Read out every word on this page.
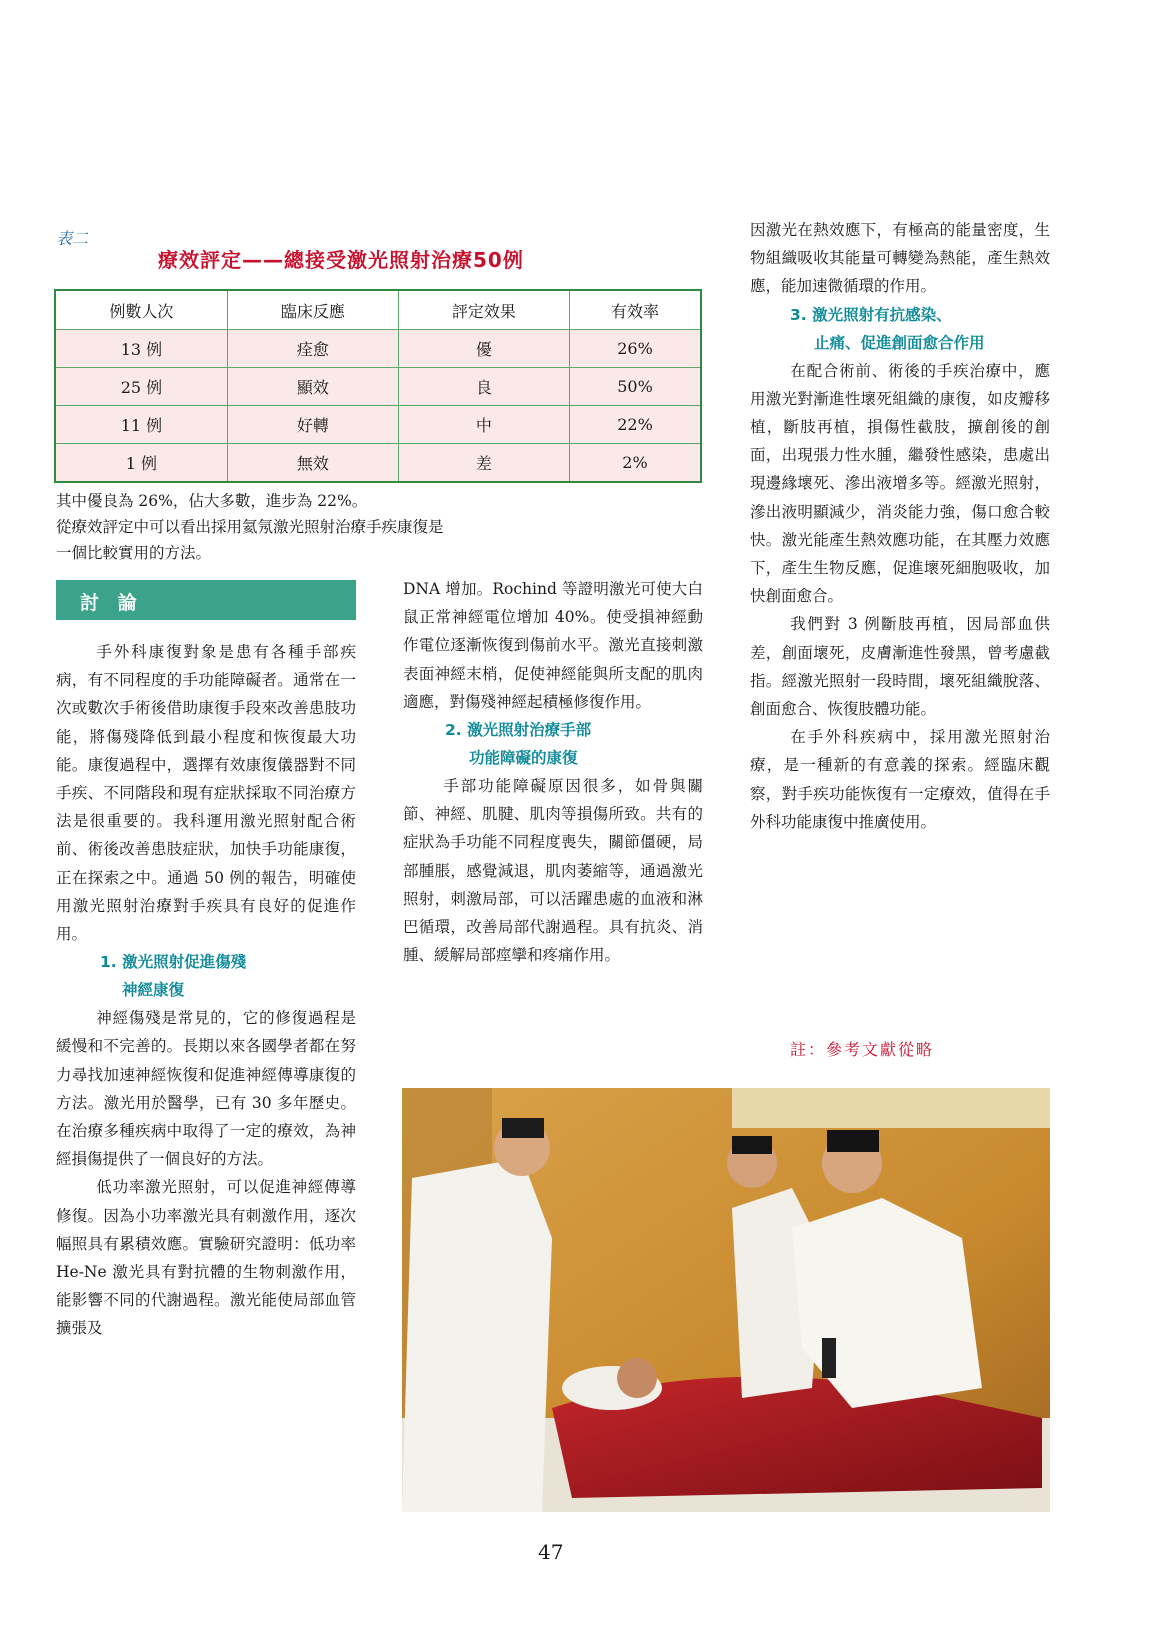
表二
療效評定——總接受激光照射治療50例
例數人次	臨床反應	評定效果	有效率
13 例	痊愈	優	26%
25 例	顯效	良	50%
11 例	好轉	中	22%
1 例	無效	差	2%
其中優良為 26%，佔大多數，進步為 22%。
從療效評定中可以看出採用氦氖激光照射治療手疾康復是
一個比較實用的方法。
討 論

手外科康復對象是患有各種手部疾病，有不同程度的手功能障礙者。通常在一次或數次手術後借助康復手段來改善患肢功能，將傷殘降低到最小程度和恢復最大功能。康復過程中，選擇有效康復儀器對不同手疾、不同階段和現有症狀採取不同治療方法是很重要的。我科運用激光照射配合術前、術後改善患肢症狀，加快手功能康復，正在探索之中。通過 50 例的報告，明確使用激光照射治療對手疾具有良好的促進作用。

1. 激光照射促進傷殘
神經康復

神經傷殘是常見的，它的修復過程是緩慢和不完善的。長期以來各國學者都在努力尋找加速神經恢復和促進神經傳導康復的方法。激光用於醫學，已有 30 多年歷史。在治療多種疾病中取得了一定的療效，為神經損傷提供了一個良好的方法。

低功率激光照射，可以促進神經傳導修復。因為小功率激光具有刺激作用，逐次幅照具有累積效應。實驗研究證明：低功率 He-Ne 激光具有對抗體的生物刺激作用，能影響不同的代謝過程。激光能使局部血管擴張及

DNA 增加。Rochind 等證明激光可使大白鼠正常神經電位增加 40%。使受損神經動作電位逐漸恢復到傷前水平。激光直接刺激表面神經末梢，促使神經能與所支配的肌肉適應，對傷殘神經起積極修復作用。

2. 激光照射治療手部
功能障礙的康復

手部功能障礙原因很多，如骨與關節、神經、肌腱、肌肉等損傷所致。共有的症狀為手功能不同程度喪失，關節僵硬，局部腫脹，感覺減退，肌肉萎縮等，通過激光照射，刺激局部，可以活躍患處的血液和淋巴循環，改善局部代謝過程。具有抗炎、消腫、緩解局部痙攣和疼痛作用。

因激光在熱效應下，有極高的能量密度，生物組織吸收其能量可轉變為熱能，產生熱效應，能加速微循環的作用。

3. 激光照射有抗感染、
止痛、促進創面愈合作用

在配合術前、術後的手疾治療中，應用激光對漸進性壞死組織的康復，如皮瓣移植，斷肢再植，損傷性截肢，擴創後的創面，出現張力性水腫，繼發性感染，患處出現邊緣壞死、滲出液增多等。經激光照射，滲出液明顯減少，消炎能力強，傷口愈合較快。激光能產生熱效應功能，在其壓力效應下，產生生物反應，促進壞死細胞吸收，加快創面愈合。

我們對 3 例斷肢再植，因局部血供差，創面壞死，皮膚漸進性發黑，曾考慮截指。經激光照射一段時間，壞死組織脫落、創面愈合、恢復肢體功能。

在手外科疾病中，採用激光照射治療，是一種新的有意義的探索。經臨床觀察，對手疾功能恢復有一定療效，值得在手外科功能康復中推廣使用。

註：參考文獻從略
47
